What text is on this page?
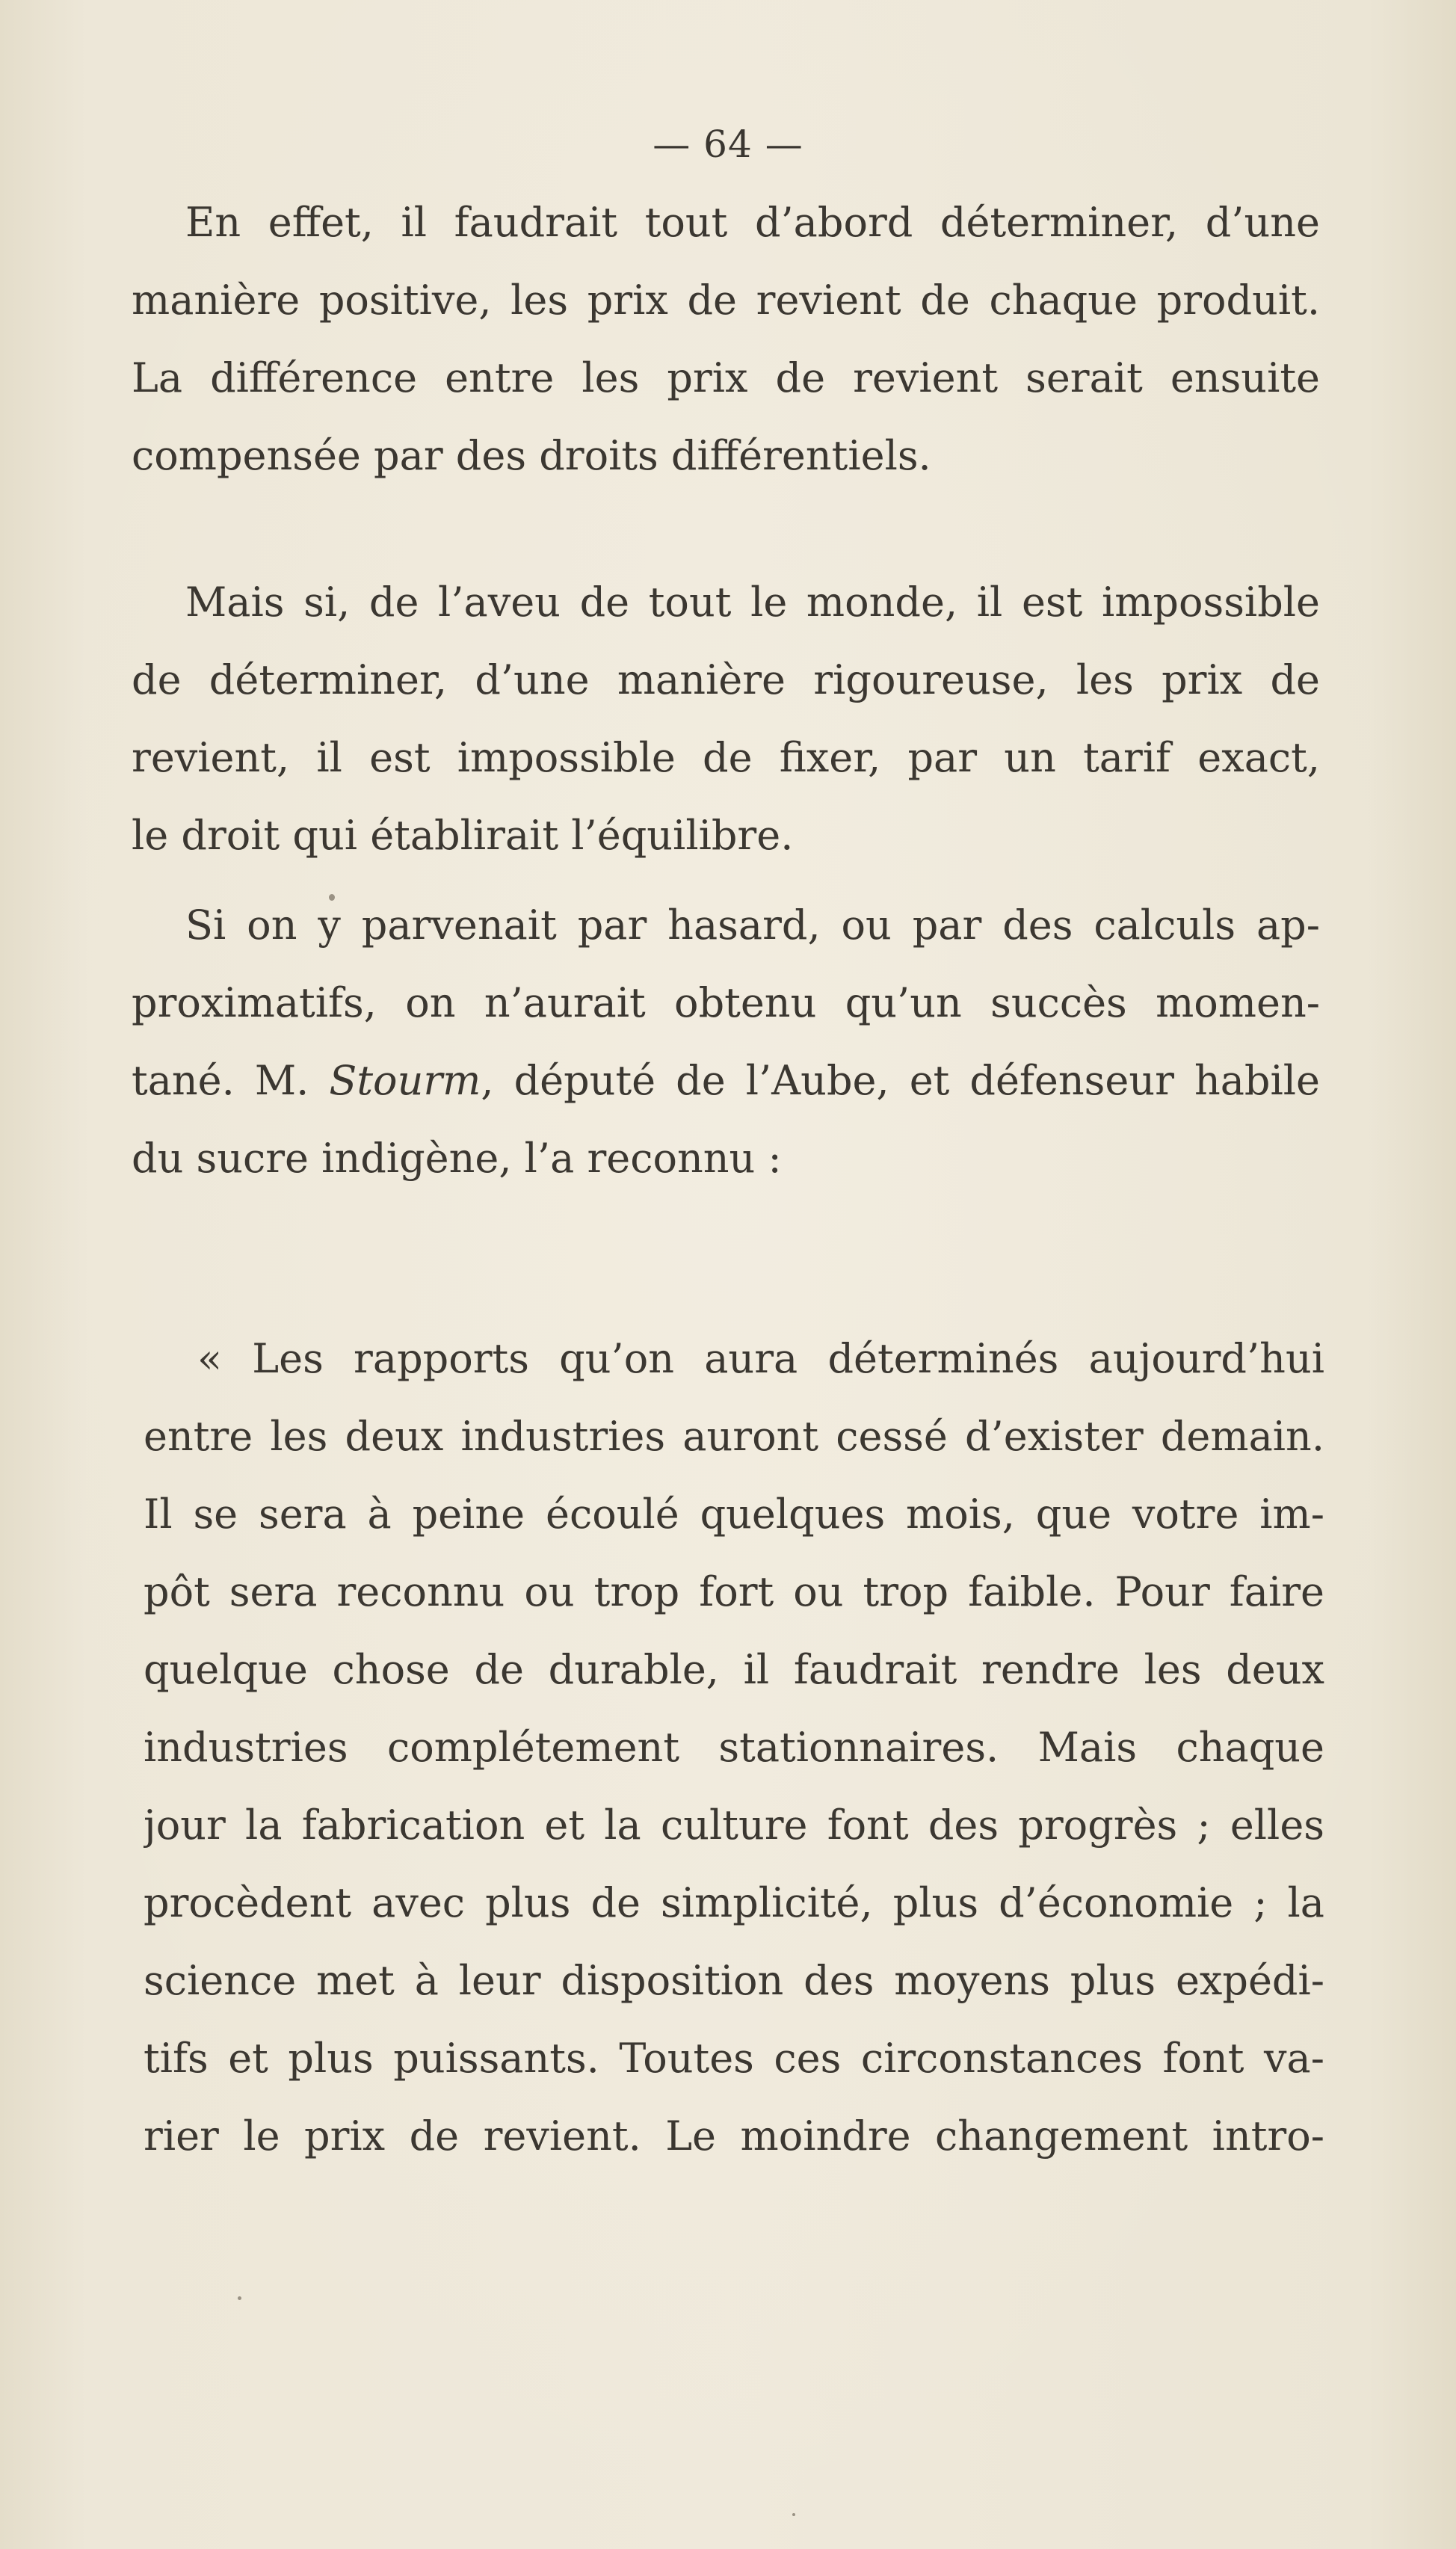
— 64 —
En effet, il faudrait tout d’abord déterminer, d’une
manière positive, les prix de revient de chaque produit.
La différence entre les prix de revient serait ensuite
compensée par des droits différentiels.
Mais si, de l’aveu de tout le monde, il est impossible
de déterminer, d’une manière rigoureuse, les prix de
revient, il est impossible de fixer, par un tarif exact,
le droit qui établirait l’équilibre.
Si on y parvenait par hasard, ou par des calculs ap-
proximatifs, on n’aurait obtenu qu’un succès momen-
tané. M. Stourm, député de l’Aube, et défenseur habile
du sucre indigène, l’a reconnu :
« Les rapports qu’on aura déterminés aujourd’hui
entre les deux industries auront cessé d’exister demain.
Il se sera à peine écoulé quelques mois, que votre im-
pôt sera reconnu ou trop fort ou trop faible. Pour faire
quelque chose de durable, il faudrait rendre les deux
industries complétement stationnaires. Mais chaque
jour la fabrication et la culture font des progrès ; elles
procèdent avec plus de simplicité, plus d’économie ; la
science met à leur disposition des moyens plus expédi-
tifs et plus puissants. Toutes ces circonstances font va-
rier le prix de revient. Le moindre changement intro-
